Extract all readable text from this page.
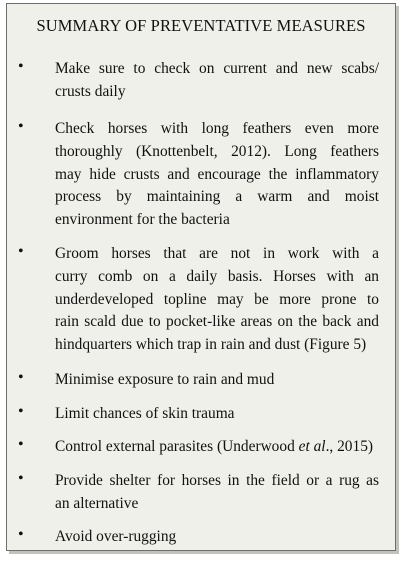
SUMMARY OF PREVENTATIVE MEASURES
• Make sure to check on current and new scabs/
crusts daily
• Check horses with long feathers even more
thoroughly (Knottenbelt, 2012). Long feathers
may hide crusts and encourage the inflammatory
process by maintaining a warm and moist
environment for the bacteria
• Groom horses that are not in work with a
curry comb on a daily basis. Horses with an
underdeveloped topline may be more prone to
rain scald due to pocket-like areas on the back and
hindquarters which trap in rain and dust (Figure 5)
• Minimise exposure to rain and mud
• Limit chances of skin trauma
• Control external parasites (Underwood et al., 2015)
• Provide shelter for horses in the field or a rug as
an alternative
• Avoid over-rugging
